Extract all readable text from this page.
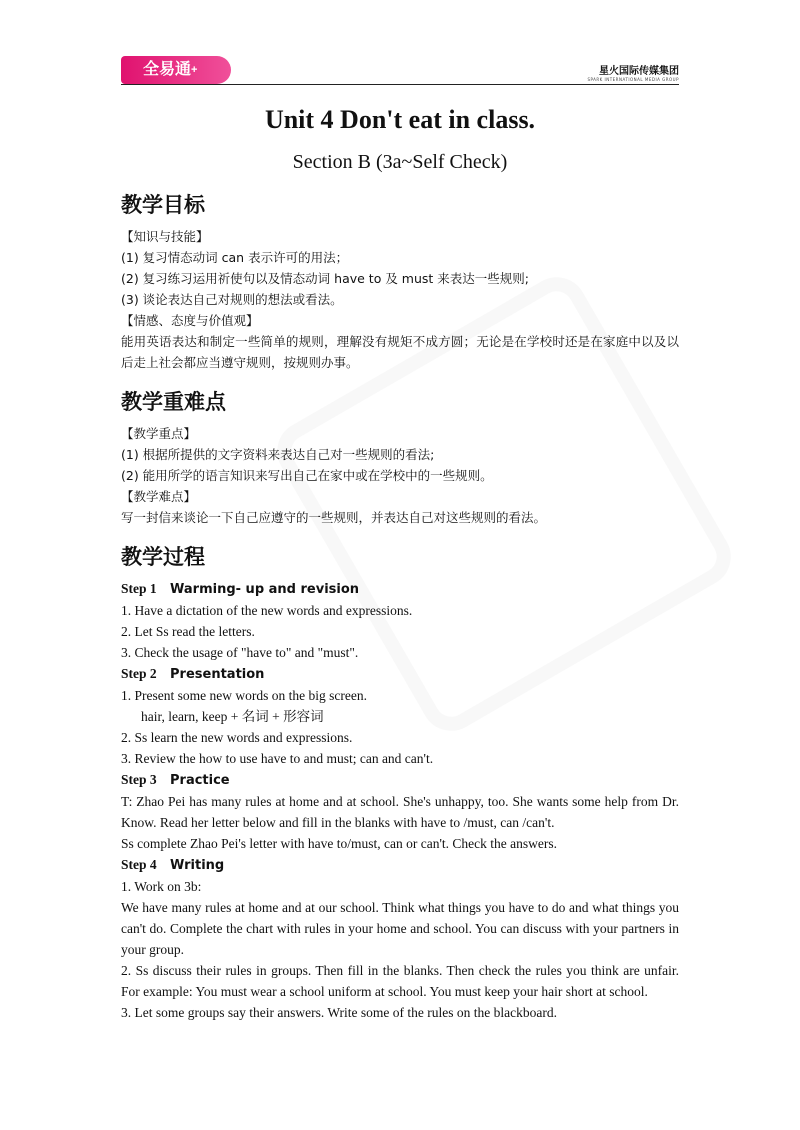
全易通+	星火国际传媒集团
SPARK INTERNATIONAL MEDIA GROUP
Unit 4 Don't eat in class.
Section B (3a~Self Check)
教学目标

【知识与技能】

(1) 复习情态动词 can 表示许可的用法；

(2) 复习练习运用祈使句以及情态动词 have to 及 must 来表达一些规则;

(3) 谈论表达自己对规则的想法或看法。

【情感、态度与价值观】

能用英语表达和制定一些简单的规则，理解没有规矩不成方圆；无论是在学校时还是在家庭中以及以后走上社会都应当遵守规则，按规则办事。

教学重难点

【教学重点】

(1) 根据所提供的文字资料来表达自己对一些规则的看法;

(2) 能用所学的语言知识来写出自己在家中或在学校中的一些规则。

【教学难点】

写一封信来谈论一下自己应遵守的一些规则，并表达自己对这些规则的看法。

教学过程
Step 1 Warming- up and revision

1. Have a dictation of the new words and expressions.

2. Let Ss read the letters.

3. Check the usage of "have to" and "must".

Step 2 Presentation

1. Present some new words on the big screen.

hair, learn, keep + 名词 + 形容词

2. Ss learn the new words and expressions.

3. Review the how to use have to and must; can and can't.

Step 3 Practice

T: Zhao Pei has many rules at home and at school. She's unhappy, too. She wants some help from Dr. Know. Read her letter below and fill in the blanks with have to /must, can /can't.

Ss complete Zhao Pei's letter with have to/must, can or can't. Check the answers.

Step 4 Writing

1. Work on 3b:

We have many rules at home and at our school. Think what things you have to do and what things you can't do. Complete the chart with rules in your home and school. You can discuss with your partners in your group.

2. Ss discuss their rules in groups. Then fill in the blanks. Then check the rules you think are unfair. For example: You must wear a school uniform at school. You must keep your hair short at school.

3. Let some groups say their answers. Write some of the rules on the blackboard.
